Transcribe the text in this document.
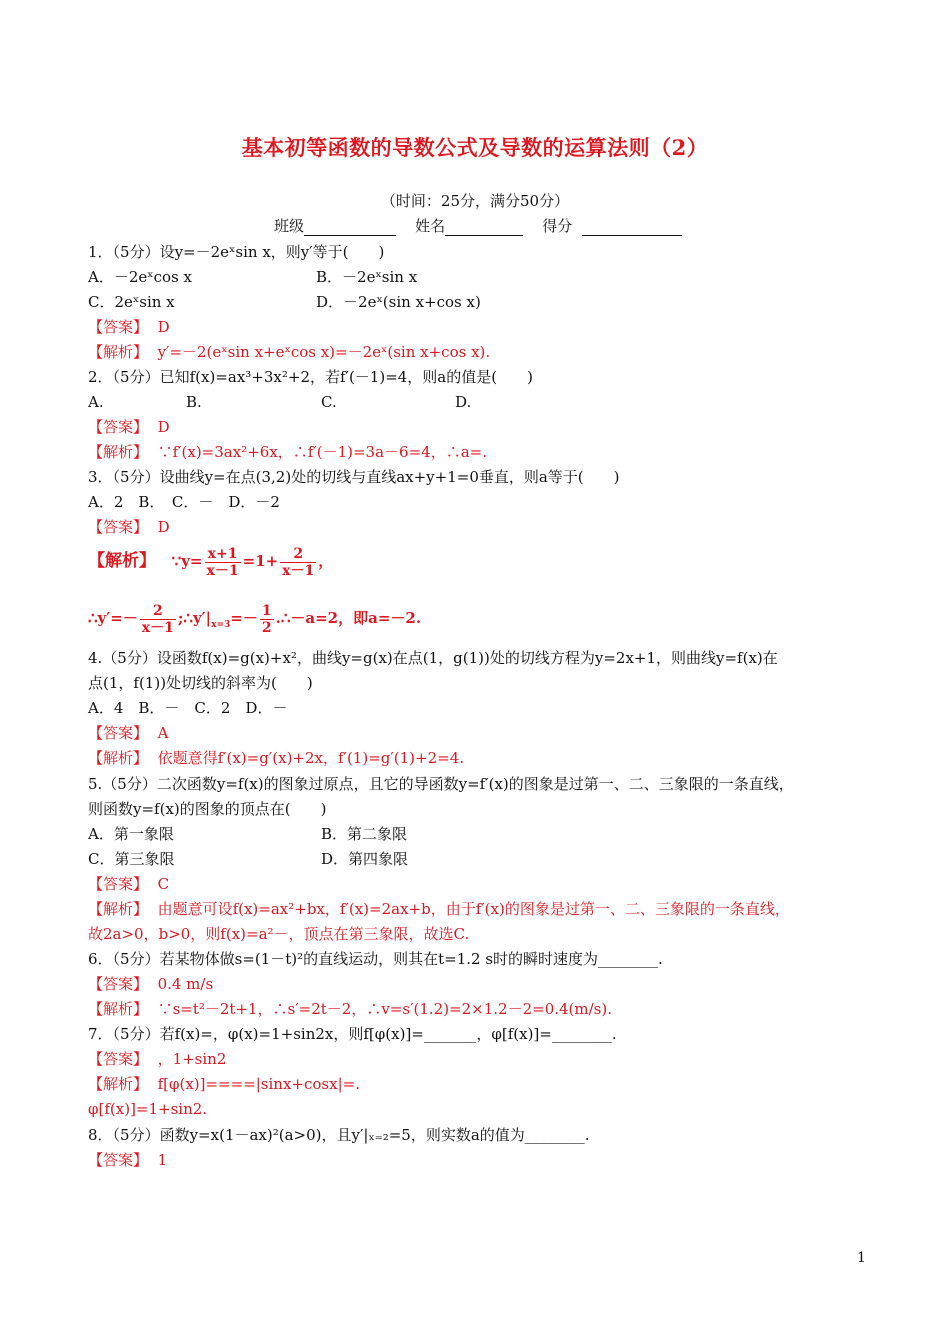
基本初等函数的导数公式及导数的运算法则（2）
（时间：25分，满分50分）
班级	姓名	得分
1．（5分）设y=－2eˣsin x，则y′等于(　　)
A．－2eˣcos x	B．－2eˣsin x
C．2eˣsin x	D．－2eˣ(sin x+cos x)
【答案】 D
【解析】 y′=－2(eˣsin x+eˣcos x)=－2eˣ(sin x+cos x).
2．（5分）已知f(x)=ax³+3x²+2，若f′(－1)=4，则a的值是(　　)
A.	B.	C.	D.
【答案】 D
【解析】 ∵f′(x)=3ax²+6x，∴f′(－1)=3a－6=4，∴a=.
3．（5分）设曲线y=在点(3,2)处的切线与直线ax+y+1=0垂直，则a等于(　　)
A．2　B．　C．－　D．－2
【答案】 D
【解析】 ∵y= $\frac{x+1}{x-1} =1+ \frac{2}{x-1}$ ，
∴y′=－ $\frac{2}{x-1}$ $;\therefore y'|_{x=3}=- \frac{1}{2}$ .∴－a=2，即a=－2.
4.（5分）设函数f(x)=g(x)+x²，曲线y=g(x)在点(1，g(1))处的切线方程为y=2x+1，则曲线y=f(x)在
点(1，f(1))处切线的斜率为(　　)
A．4　B．－　C．2　D．－
【答案】 A
【解析】 依题意得f′(x)=g′(x)+2x，f′(1)=g′(1)+2=4.
5.（5分）二次函数y=f(x)的图象过原点，且它的导函数y=f′(x)的图象是过第一、二、三象限的一条直线，
则函数y=f(x)的图象的顶点在(　　)
A．第一象限	B．第二象限
C．第三象限	D．第四象限
【答案】 C
【解析】 由题意可设f(x)=ax²+bx，f′(x)=2ax+b，由于f′(x)的图象是过第一、二、三象限的一条直线，
故2a>0，b>0，则f(x)=a²－，顶点在第三象限，故选C.
6．（5分）若某物体做s=(1－t)²的直线运动，则其在t=1.2 s时的瞬时速度为________.
【答案】 0.4 m/s
【解析】 ∵s=t²－2t+1，∴s′=2t－2，∴v=s′(1.2)=2×1.2－2=0.4(m/s).
7．（5分）若f(x)=，φ(x)=1+sin2x，则f[φ(x)]=_______，φ[f(x)]=________.
【答案】 ，1+sin2
【解析】 f[φ(x)]====|sinx+cosx|=.
φ[f(x)]=1+sin2.
8．（5分）函数y=x(1－ax)²(a>0)，且y′|ₓ₌₂=5，则实数a的值为________.
【答案】 1
1
